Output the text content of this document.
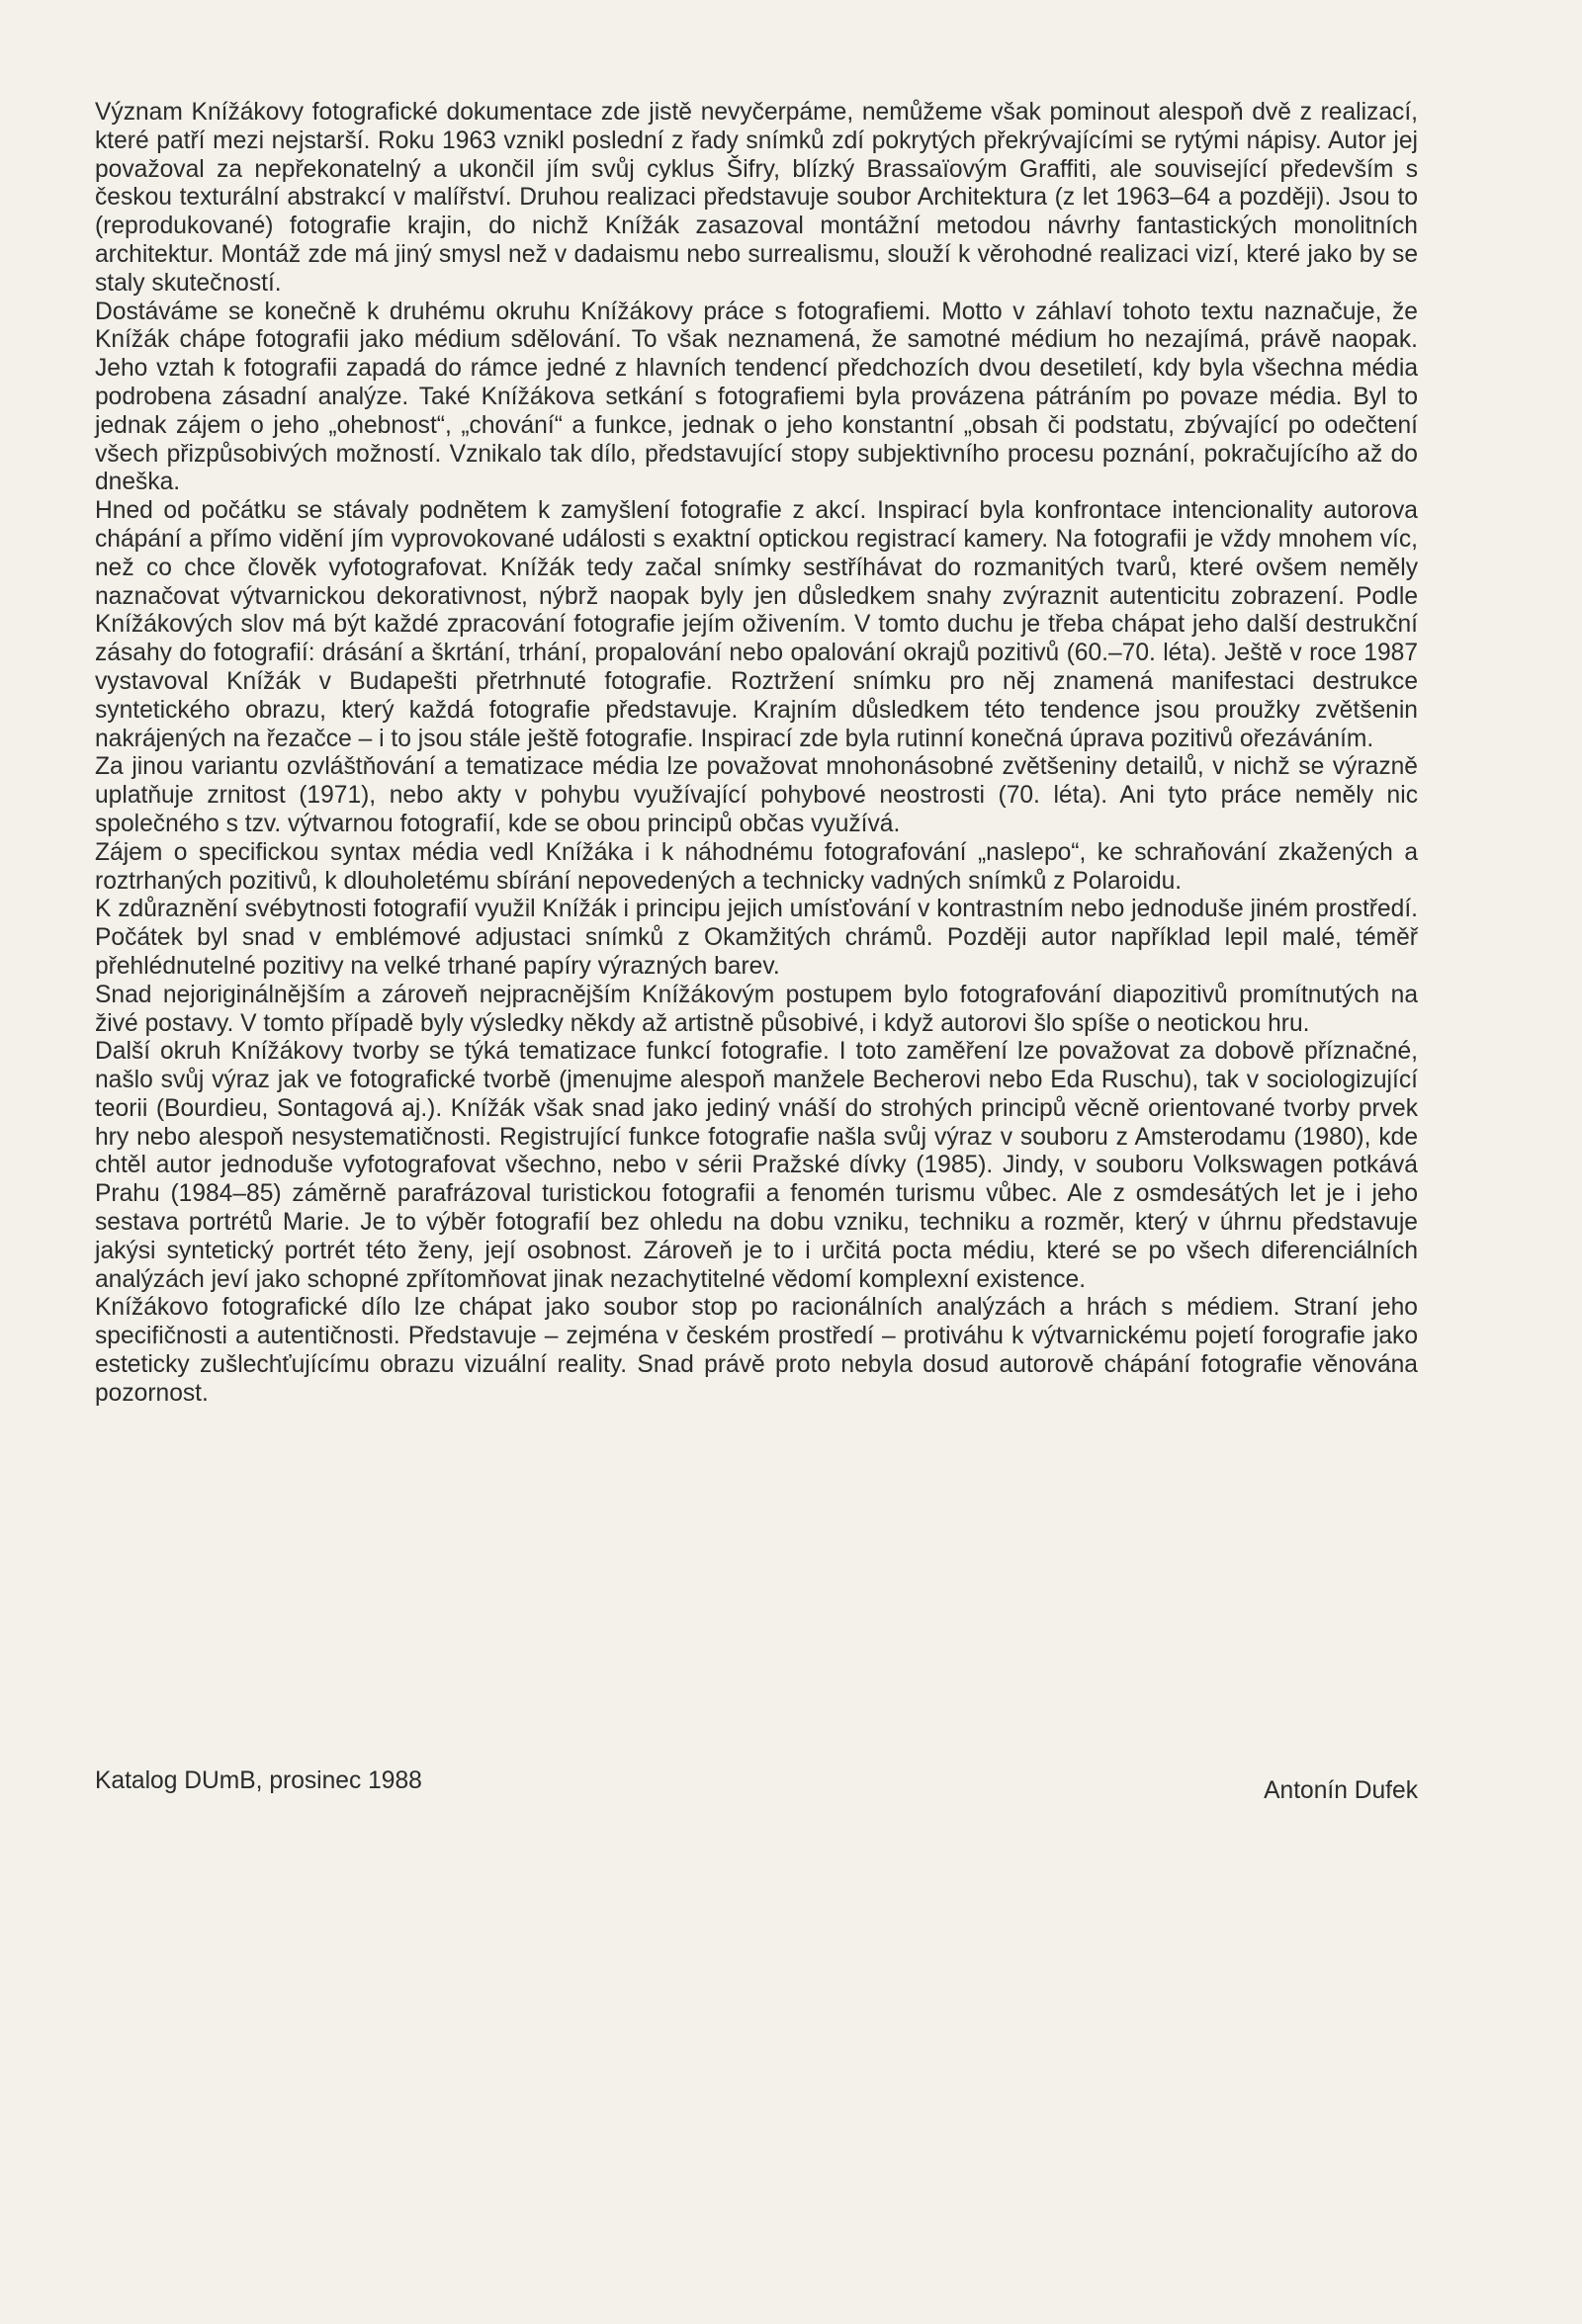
Význam Knížákovy fotografické dokumentace zde jistě nevyčerpáme, nemůžeme však pominout alespoň dvě z realizací, které patří mezi nejstarší. Roku 1963 vznikl poslední z řady snímků zdí pokrytých překrývajícími se rytými nápisy. Autor jej považoval za nepřekonatelný a ukončil jím svůj cyklus Šifry, blízký Brassaïovým Graffiti, ale související především s českou texturální abstrakcí v malířství. Druhou realizaci představuje soubor Architektura (z let 1963–64 a později). Jsou to (reprodukované) fotografie krajin, do nichž Knížák zasazoval montážní metodou návrhy fantastických monolitních architektur. Montáž zde má jiný smysl než v dadaismu nebo surrealismu, slouží k věrohodné realizaci vizí, které jako by se staly skutečností.

Dostáváme se konečně k druhému okruhu Knížákovy práce s fotografiemi. Motto v záhlaví tohoto textu naznačuje, že Knížák chápe fotografii jako médium sdělování. To však neznamená, že samotné médium ho nezajímá, právě naopak. Jeho vztah k fotografii zapadá do rámce jedné z hlavních tendencí předchozích dvou desetiletí, kdy byla všechna média podrobena zásadní analýze. Také Knížákova setkání s fotografiemi byla provázena pátráním po povaze média. Byl to jednak zájem o jeho „ohebnost“, „chování“ a funkce, jednak o jeho konstantní „obsah či podstatu, zbývající po odečtení všech přizpůsobivých možností. Vznikalo tak dílo, představující stopy subjektivního procesu poznání, pokračujícího až do dneška.

Hned od počátku se stávaly podnětem k zamyšlení fotografie z akcí. Inspirací byla konfrontace intencionality autorova chápání a přímo vidění jím vyprovokované události s exaktní optickou registrací kamery. Na fotografii je vždy mnohem víc, než co chce člověk vyfotografovat. Knížák tedy začal snímky sestříhávat do rozmanitých tvarů, které ovšem neměly naznačovat výtvarnickou dekorativnost, nýbrž naopak byly jen důsledkem snahy zvýraznit autenticitu zobrazení. Podle Knížákových slov má být každé zpracování fotografie jejím oživením. V tomto duchu je třeba chápat jeho další destrukční zásahy do fotografií: drásání a škrtání, trhání, propalování nebo opalování okrajů pozitivů (60.–70. léta). Ještě v roce 1987 vystavoval Knížák v Budapešti přetrhnuté fotografie. Roztržení snímku pro něj znamená manifestaci destrukce syntetického obrazu, který každá fotografie představuje. Krajním důsledkem této tendence jsou proužky zvětšenin nakrájených na řezačce – i to jsou stále ještě fotografie. Inspirací zde byla rutinní konečná úprava pozitivů ořezáváním.

Za jinou variantu ozvláštňování a tematizace média lze považovat mnohonásobné zvětšeniny detailů, v nichž se výrazně uplatňuje zrnitost (1971), nebo akty v pohybu využívající pohybové neostrosti (70. léta). Ani tyto práce neměly nic společného s tzv. výtvarnou fotografií, kde se obou principů občas využívá.

Zájem o specifickou syntax média vedl Knížáka i k náhodnému fotografování „naslepo“, ke schraňování zkažených a roztrhaných pozitivů, k dlouholetému sbírání nepovedených a technicky vadných snímků z Polaroidu.

K zdůraznění svébytnosti fotografií využil Knížák i principu jejich umísťování v kontrastním nebo jednoduše jiném prostředí. Počátek byl snad v emblémové adjustaci snímků z Okamžitých chrámů. Později autor například lepil malé, téměř přehlédnutelné pozitivy na velké trhané papíry výrazných barev.

Snad nejoriginálnějším a zároveň nejpracnějším Knížákovým postupem bylo fotografování diapozitivů promítnutých na živé postavy. V tomto případě byly výsledky někdy až artistně působivé, i když autorovi šlo spíše o neotickou hru.

Další okruh Knížákovy tvorby se týká tematizace funkcí fotografie. I toto zaměření lze považovat za dobově příznačné, našlo svůj výraz jak ve fotografické tvorbě (jmenujme alespoň manžele Becherovi nebo Eda Ruschu), tak v sociologizující teorii (Bourdieu, Sontagová aj.). Knížák však snad jako jediný vnáší do strohých principů věcně orientované tvorby prvek hry nebo alespoň nesystematičnosti. Registrující funkce fotografie našla svůj výraz v souboru z Amsterodamu (1980), kde chtěl autor jednoduše vyfotografovat všechno, nebo v sérii Pražské dívky (1985). Jindy, v souboru Volkswagen potkává Prahu (1984–85) záměrně parafrázoval turistickou fotografii a fenomén turismu vůbec. Ale z osmdesátých let je i jeho sestava portrétů Marie. Je to výběr fotografií bez ohledu na dobu vzniku, techniku a rozměr, který v úhrnu představuje jakýsi syntetický portrét této ženy, její osobnost. Zároveň je to i určitá pocta médiu, které se po všech diferenciálních analýzách jeví jako schopné zpřítomňovat jinak nezachytitelné vědomí komplexní existence.

Knížákovo fotografické dílo lze chápat jako soubor stop po racionálních analýzách a hrách s médiem. Straní jeho specifičnosti a autentičnosti. Představuje – zejména v českém prostředí – protiváhu k výtvarnickému pojetí forografie jako esteticky zušlechťujícímu obrazu vizuální reality. Snad právě proto nebyla dosud autorově chápání fotografie věnována pozornost.

Katalog DUmB, prosinec 1988	Antonín Dufek
